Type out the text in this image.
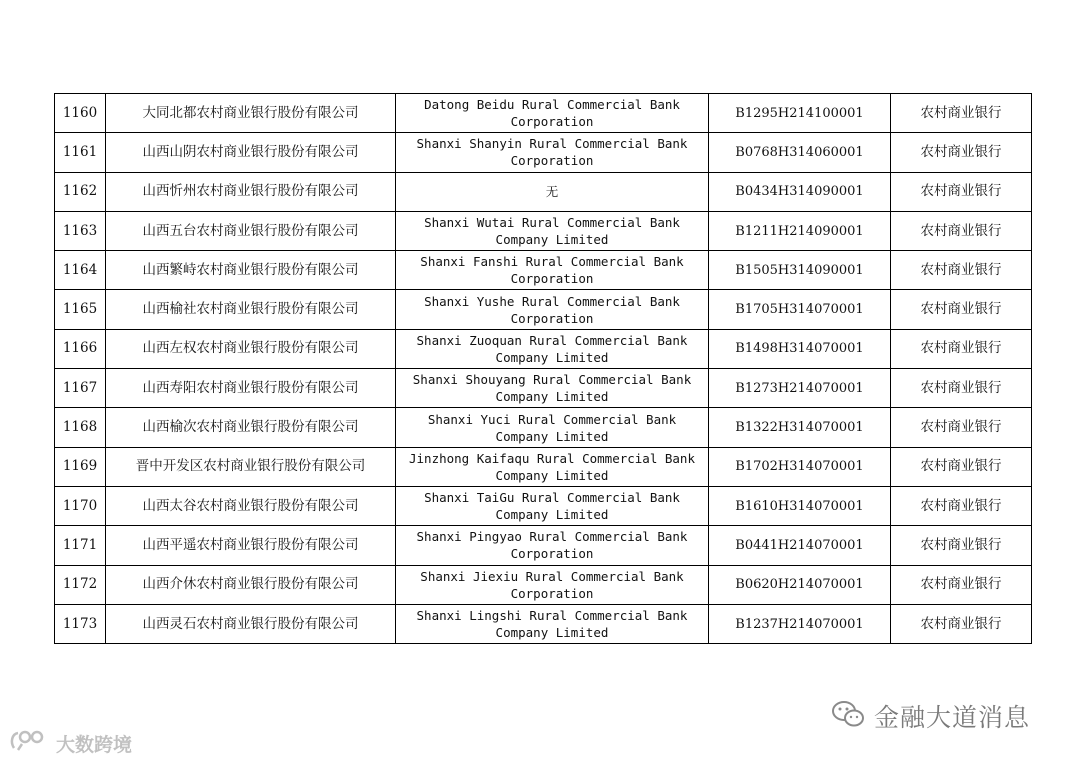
1160	大同北都农村商业银行股份有限公司	Datong Beidu Rural Commercial Bank Corporation	B1295H214100001	农村商业银行
1161	山西山阴农村商业银行股份有限公司	Shanxi Shanyin Rural Commercial Bank Corporation	B0768H314060001	农村商业银行
1162	山西忻州农村商业银行股份有限公司	无	B0434H314090001	农村商业银行
1163	山西五台农村商业银行股份有限公司	Shanxi Wutai Rural Commercial Bank Company Limited	B1211H214090001	农村商业银行
1164	山西繁峙农村商业银行股份有限公司	Shanxi Fanshi Rural Commercial Bank Corporation	B1505H314090001	农村商业银行
1165	山西榆社农村商业银行股份有限公司	Shanxi Yushe Rural Commercial Bank Corporation	B1705H314070001	农村商业银行
1166	山西左权农村商业银行股份有限公司	Shanxi Zuoquan Rural Commercial Bank Company Limited	B1498H314070001	农村商业银行
1167	山西寿阳农村商业银行股份有限公司	Shanxi Shouyang Rural Commercial Bank Company Limited	B1273H214070001	农村商业银行
1168	山西榆次农村商业银行股份有限公司	Shanxi Yuci Rural Commercial Bank Company Limited	B1322H314070001	农村商业银行
1169	晋中开发区农村商业银行股份有限公司	Jinzhong Kaifaqu Rural Commercial Bank Company Limited	B1702H314070001	农村商业银行
1170	山西太谷农村商业银行股份有限公司	Shanxi TaiGu Rural Commercial Bank Company Limited	B1610H314070001	农村商业银行
1171	山西平遥农村商业银行股份有限公司	Shanxi Pingyao Rural Commercial Bank Corporation	B0441H214070001	农村商业银行
1172	山西介休农村商业银行股份有限公司	Shanxi Jiexiu Rural Commercial Bank Corporation	B0620H214070001	农村商业银行
1173	山西灵石农村商业银行股份有限公司	Shanxi Lingshi Rural Commercial Bank Company Limited	B1237H214070001	农村商业银行
金融大道消息
大数跨境
